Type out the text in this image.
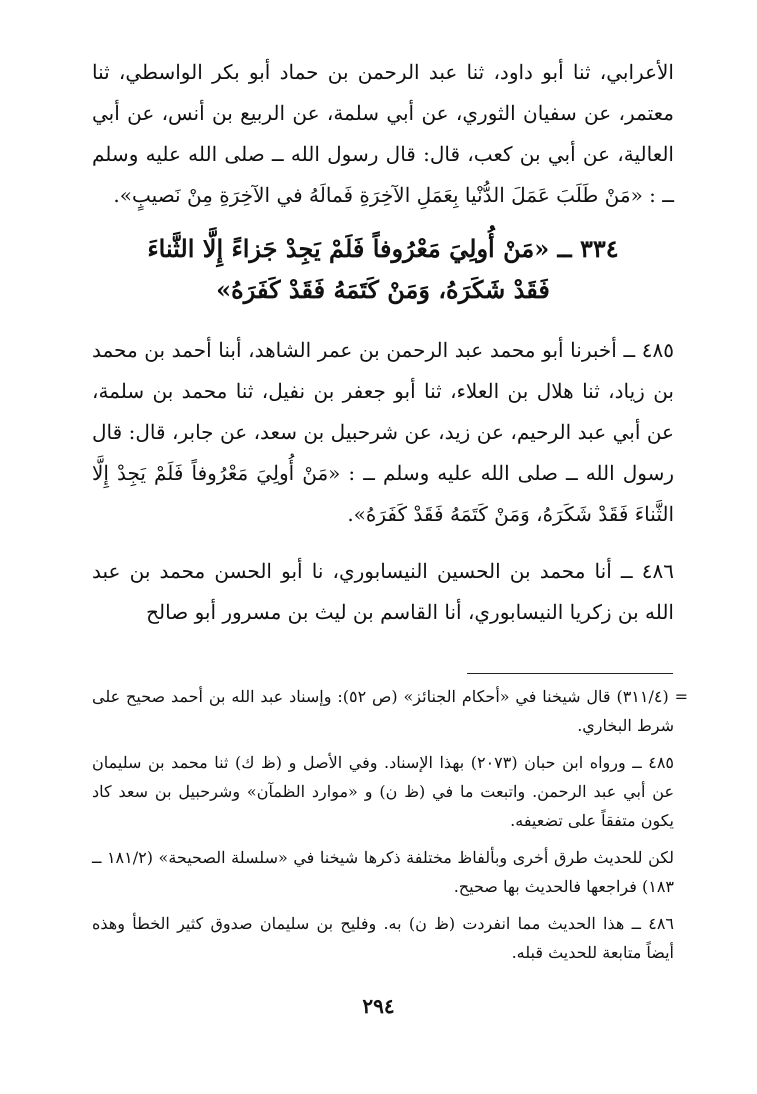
الأعرابي، ثنا أبو داود، ثنا عبد الرحمن بن حماد أبو بكر الواسطي، ثنا معتمر، عن سفيان الثوري، عن أبي سلمة، عن الربيع بن أنس، عن أبي العالية، عن أبي بن كعب، قال: قال رسول الله ــ صلى الله عليه وسلم ــ : «مَنْ طَلَبَ عَمَلَ الدُّنْيا بِعَمَلِ الآخِرَةِ فَمالَهُ في الآخِرَةِ مِنْ نَصيبٍ».

٣٣٤ ــ «مَنْ أُولِيَ مَعْرُوفاً فَلَمْ يَجِدْ جَزاءً إِلَّا الثَّناءَ
فَقَدْ شَكَرَهُ، وَمَنْ كَتَمَهُ فَقَدْ كَفَرَهُ»

٤٨٥ ــ أخبرنا أبو محمد عبد الرحمن بن عمر الشاهد، أبنا أحمد بن محمد بن زياد، ثنا هلال بن العلاء، ثنا أبو جعفر بن نفيل، ثنا محمد بن سلمة، عن أبي عبد الرحيم، عن زيد، عن شرحبيل بن سعد، عن جابر، قال: قال رسول الله ــ صلى الله عليه وسلم ــ : «مَنْ أُولِيَ مَعْرُوفاً فَلَمْ يَجِدْ إِلَّا الثَّناءَ فَقَدْ شَكَرَهُ، وَمَنْ كَتَمَهُ فَقَدْ كَفَرَهُ».

٤٨٦ ــ أنا محمد بن الحسين النيسابوري، نا أبو الحسن محمد بن عبد الله بن زكريا النيسابوري، أنا القاسم بن ليث بن مسرور أبو صالح

= (٣١١/٤) قال شيخنا في «أحكام الجنائز» (ص ٥٢): وإسناد عبد الله بن أحمد صحيح على شرط البخاري.

٤٨٥ ــ ورواه ابن حبان (٢٠٧٣) بهذا الإسناد. وفي الأصل و (ظ ك) ثنا محمد بن سليمان عن أبي عبد الرحمن. واتبعت ما في (ظ ن) و «موارد الظمآن» وشرحبيل بن سعد كاد يكون متفقاً على تضعيفه.

لكن للحديث طرق أخرى وبألفاظ مختلفة ذكرها شيخنا في «سلسلة الصحيحة» (١٨١/٢ ــ ١٨٣) فراجعها فالحديث بها صحيح.

٤٨٦ ــ هذا الحديث مما انفردت (ظ ن) به. وفليح بن سليمان صدوق كثير الخطأ وهذه أيضاً متابعة للحديث قبله.

٢٩٤
